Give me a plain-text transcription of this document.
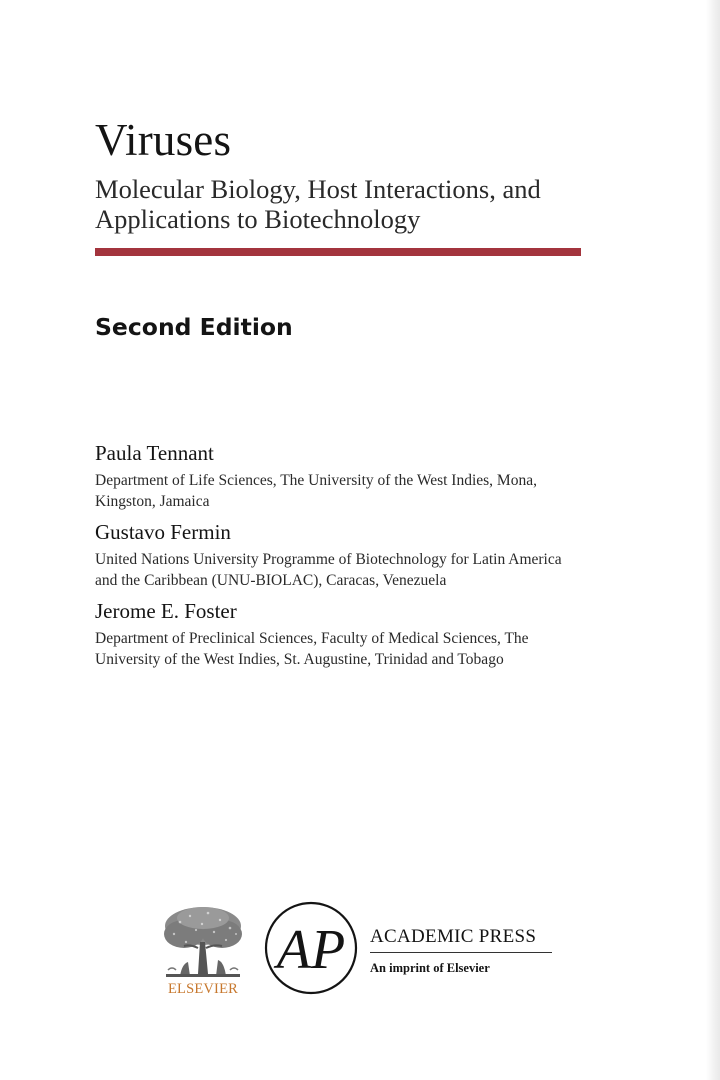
Viruses
Molecular Biology, Host Interactions, and
Applications to Biotechnology
Second Edition
Paula Tennant
Department of Life Sciences, The University of the West Indies, Mona,
Kingston, Jamaica
Gustavo Fermin
United Nations University Programme of Biotechnology for Latin America
and the Caribbean (UNU-BIOLAC), Caracas, Venezuela
Jerome E. Foster
Department of Preclinical Sciences, Faculty of Medical Sciences, The
University of the West Indies, St. Augustine, Trinidad and Tobago
ELSEVIER
AP ACADEMIC PRESS
An imprint of Elsevier
